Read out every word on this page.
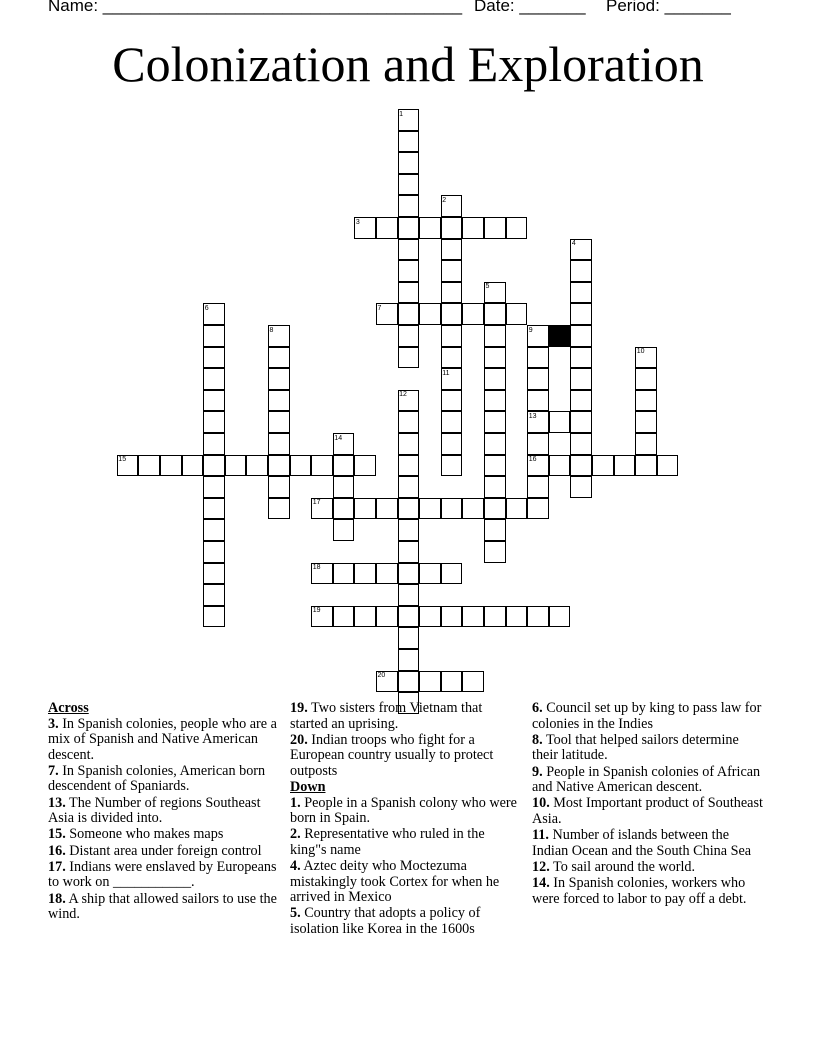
Name: ______________________________________ Date: _______ Period: _______
Colonization and Exploration
1
2
3
4
5
6	7
8	9
10
11
12
13
14
15	16
17
18
19
20
Across

3. In Spanish colonies, people who are a mix of Spanish and Native American descent.

7. In Spanish colonies, American born descendent of Spaniards.

13. The Number of regions Southeast Asia is divided into.

15. Someone who makes maps

16. Distant area under foreign control

17. Indians were enslaved by Europeans to work on ___________.

18. A ship that allowed sailors to use the wind.

19. Two sisters from Vietnam that started an uprising.

20. Indian troops who fight for a European country usually to protect outposts

Down

1. People in a Spanish colony who were born in Spain.

2. Representative who ruled in the king"s name

4. Aztec deity who Moctezuma mistakingly took Cortex for when he arrived in Mexico

5. Country that adopts a policy of isolation like Korea in the 1600s

6. Council set up by king to pass law for colonies in the Indies

8. Tool that helped sailors determine their latitude.

9. People in Spanish colonies of African and Native American descent.

10. Most Important product of Southeast Asia.

11. Number of islands between the Indian Ocean and the South China Sea

12. To sail around the world.

14. In Spanish colonies, workers who were forced to labor to pay off a debt.
